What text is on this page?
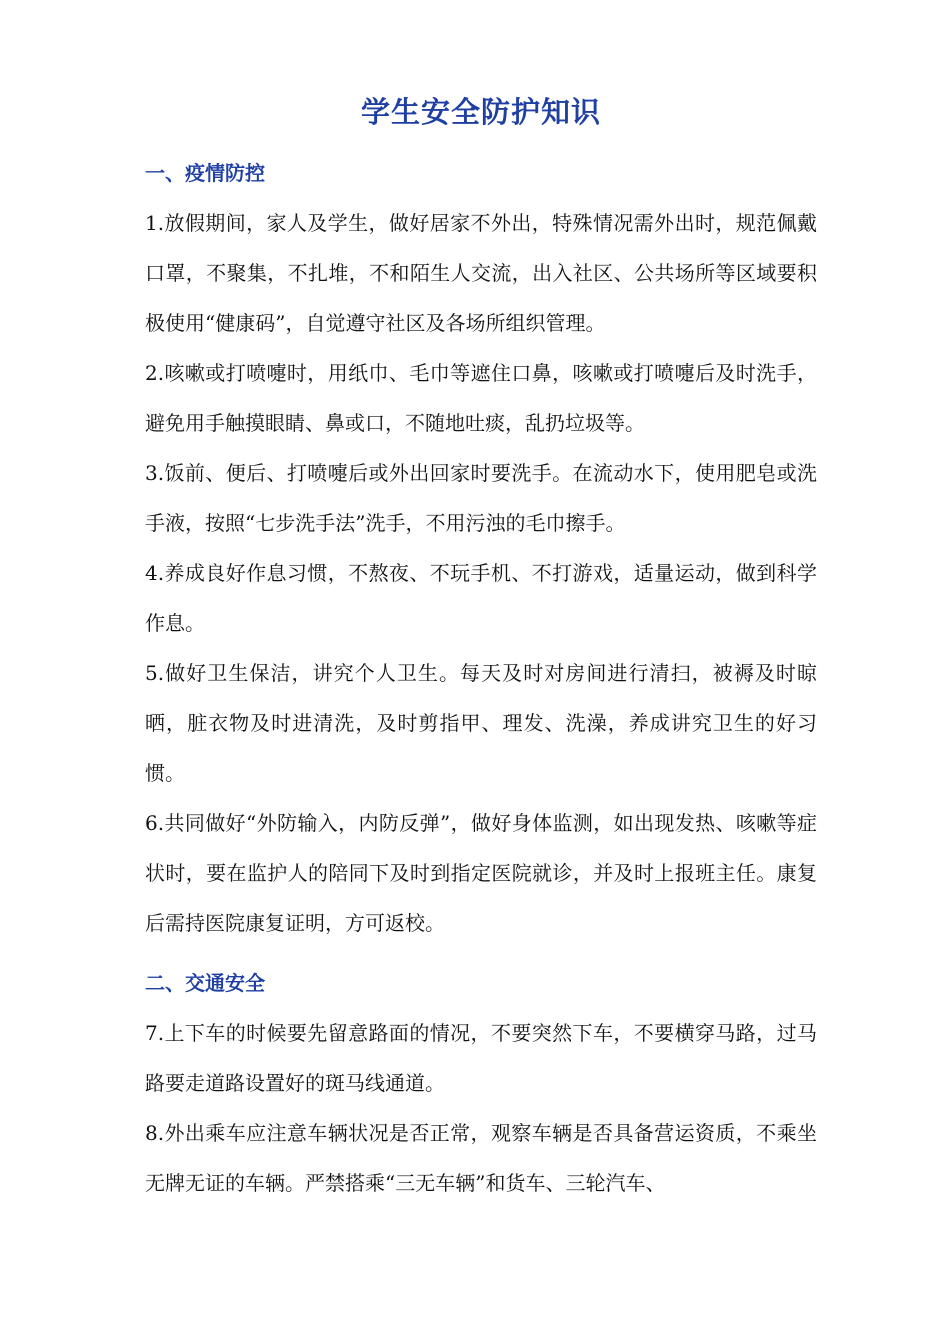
学生安全防护知识
一、疫情防控

1.放假期间，家人及学生，做好居家不外出，特殊情况需外出时，规范佩戴口罩，不聚集，不扎堆，不和陌生人交流，出入社区、公共场所等区域要积极使用“健康码”，自觉遵守社区及各场所组织管理。

2.咳嗽或打喷嚏时，用纸巾、毛巾等遮住口鼻，咳嗽或打喷嚏后及时洗手，避免用手触摸眼睛、鼻或口，不随地吐痰，乱扔垃圾等。

3.饭前、便后、打喷嚏后或外出回家时要洗手。在流动水下，使用肥皂或洗手液，按照“七步洗手法”洗手，不用污浊的毛巾擦手。

4.养成良好作息习惯，不熬夜、不玩手机、不打游戏，适量运动，做到科学作息。

5.做好卫生保洁，讲究个人卫生。每天及时对房间进行清扫，被褥及时晾晒，脏衣物及时进清洗，及时剪指甲、理发、洗澡，养成讲究卫生的好习惯。

6.共同做好“外防输入，内防反弹”，做好身体监测，如出现发热、咳嗽等症状时，要在监护人的陪同下及时到指定医院就诊，并及时上报班主任。康复后需持医院康复证明，方可返校。

二、交通安全

7.上下车的时候要先留意路面的情况，不要突然下车，不要横穿马路，过马路要走道路设置好的斑马线通道。

8.外出乘车应注意车辆状况是否正常，观察车辆是否具备营运资质，不乘坐无牌无证的车辆。严禁搭乘“三无车辆”和货车、三轮汽车、
